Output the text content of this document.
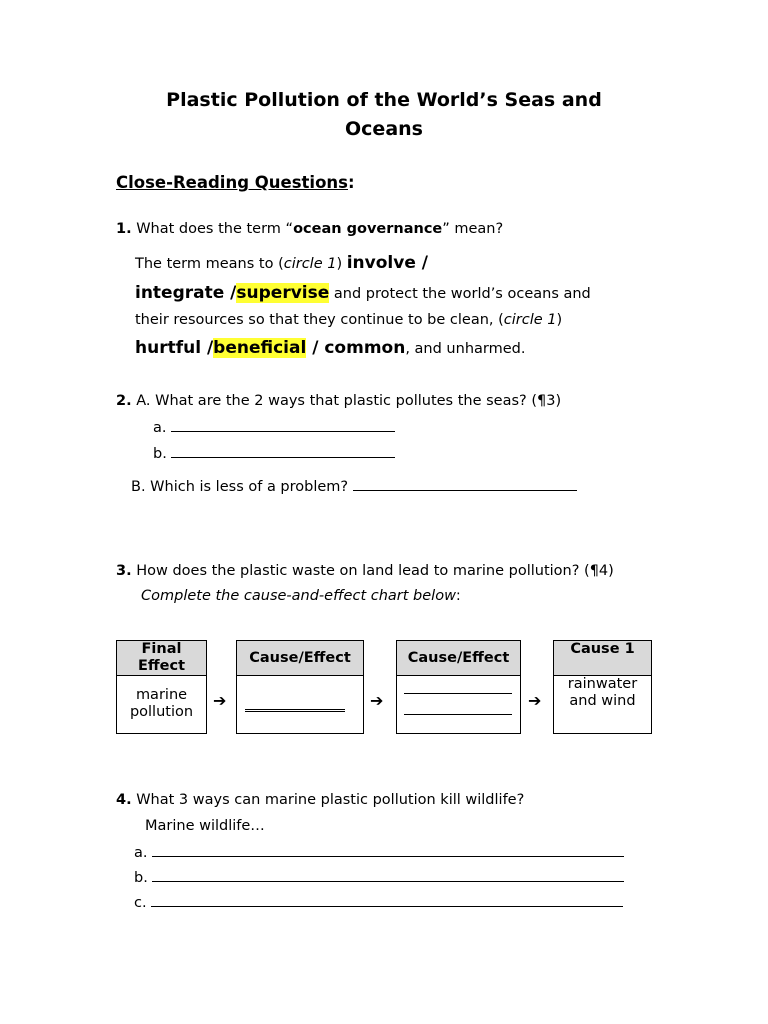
Plastic Pollution of the World’s Seas and
Oceans
Close-Reading Questions:
1. What does the term “ocean governance” mean?
The term means to (circle 1) involve /
integrate /supervise and protect the world’s oceans and
their resources so that they continue to be clean, (circle 1)
hurtful /beneficial / common, and unharmed.
2. A. What are the 2 ways that plastic pollutes the seas? (¶3)
a.
b.
B. Which is less of a problem?
3. How does the plastic waste on land lead to marine pollution? (¶4)
Complete the cause-and-effect chart below:
Final Effect
marine pollution
➔
Cause/Effect
➔
Cause/Effect
➔
Cause 1
rainwater and wind
4. What 3 ways can marine plastic pollution kill wildlife?
Marine wildlife…
a.
b.
c.
